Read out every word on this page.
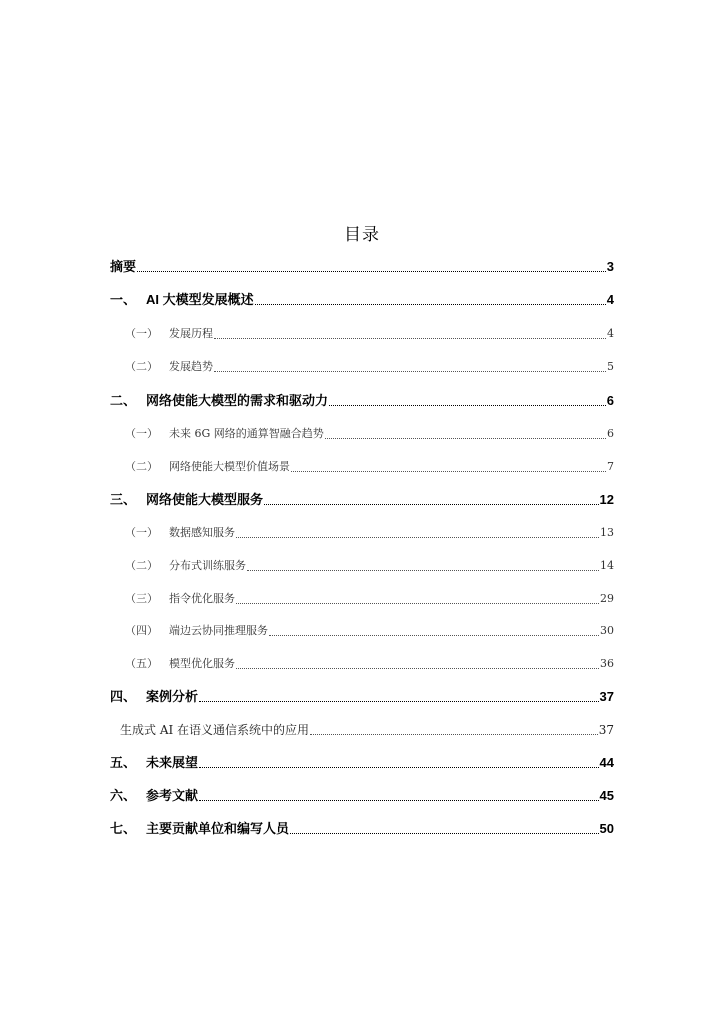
目录
摘要	3
一、 AI 大模型发展概述	4
（一）	发展历程	4
（二）	发展趋势	5
二、 网络使能大模型的需求和驱动力	6
（一）	未来 6G 网络的通算智融合趋势	6
（二）	网络使能大模型价值场景	7
三、 网络使能大模型服务	12
（一）	数据感知服务	13
（二）	分布式训练服务	14
（三）	指令优化服务	29
（四）	端边云协同推理服务	30
（五）	模型优化服务	36
四、 案例分析	37
生成式 AI 在语义通信系统中的应用	37
五、 未来展望	44
六、 参考文献	45
七、 主要贡献单位和编写人员	50
